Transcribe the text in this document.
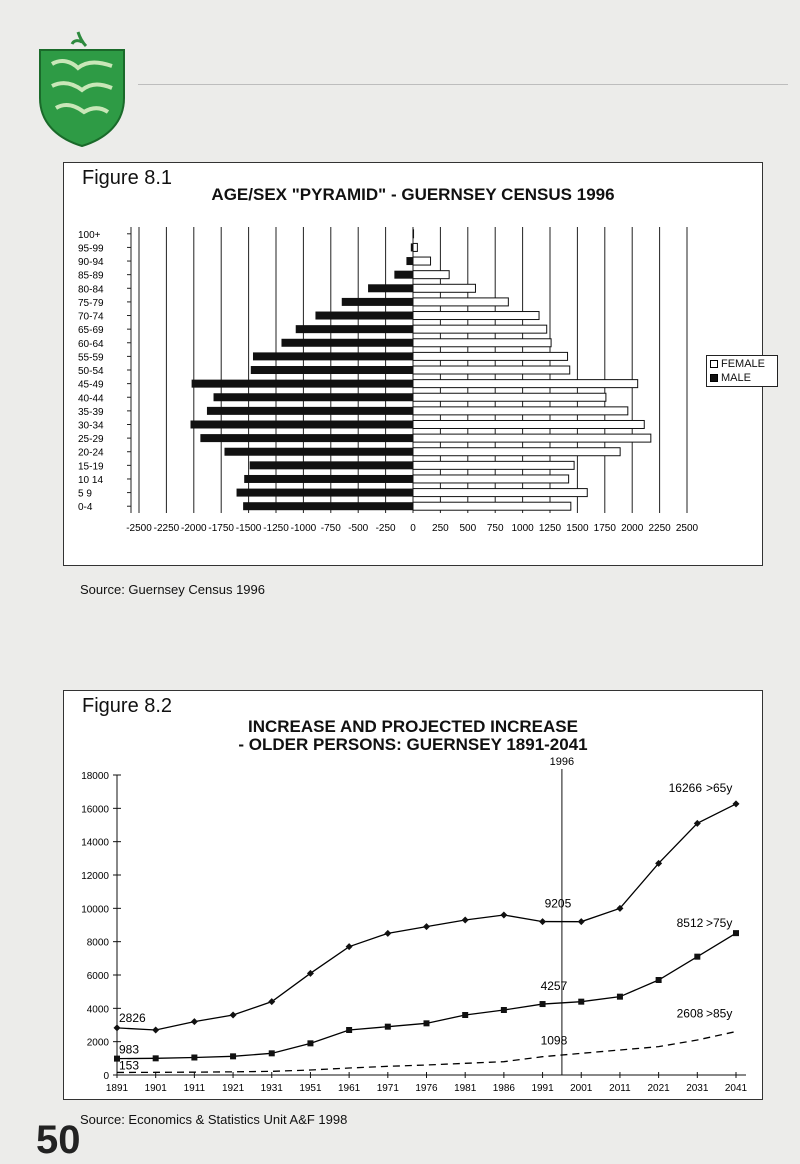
Figure 8.1
AGE/SEX "PYRAMID" - GUERNSEY CENSUS 1996
-2500 -2250 -2000 -1750 -1500 -1250 -1000 -750 -500 -250 0 250 500 750 1000 1250 1500 1750 2000 2250 2500
100+
95-99
90-94
85-89
80-84
75-79
70-74
65-69
60-64
55-59
50-54
45-49
40-44
35-39
30-34
25-29
20-24
15-19
10 14
5 9
0-4
FEMALE
MALE
Source: Guernsey Census 1996
Figure 8.2
INCREASE AND PROJECTED INCREASE
- OLDER PERSONS: GUERNSEY 1891-2041
0
2000
4000
6000
8000
10000
12000
14000
16000
18000
1891 1901 1911 1921 1931 1951 1961 1971 1976 1981 1986 1991 2001 2011 2021 2031 2041
1996
2826
983
153
9205
4257
1098
16266 >65y
8512 >75y
2608 >85y
Source: Economics & Statistics Unit A&F 1998
50
